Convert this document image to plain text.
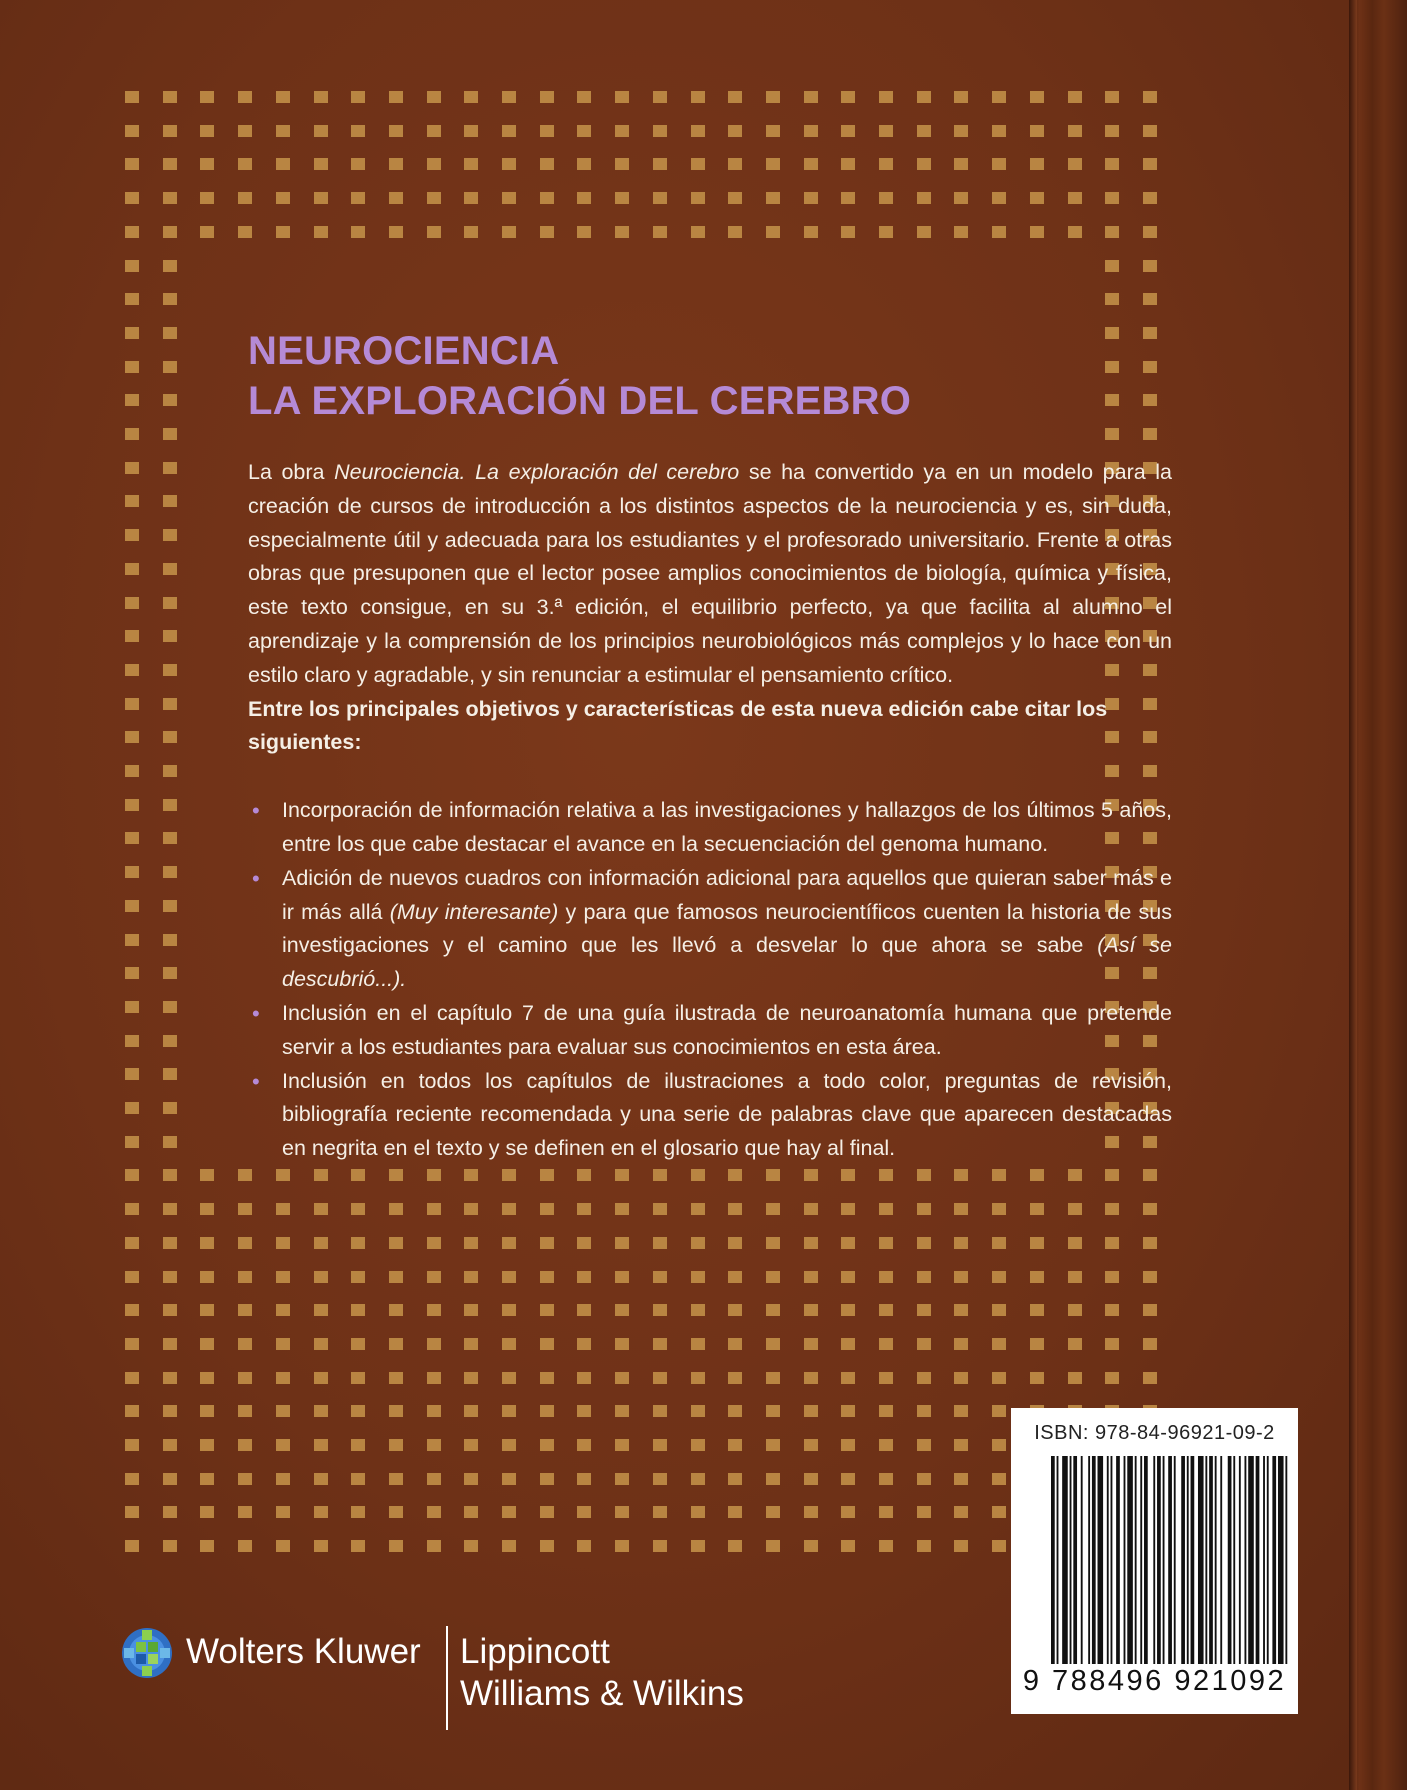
NEUROCIENCIA
LA EXPLORACIÓN DEL CEREBRO

La obra Neurociencia. La exploración del cerebro se ha convertido ya en un modelo para la creación de cursos de introducción a los distintos aspectos de la neurociencia y es, sin duda, especialmente útil y adecuada para los estudiantes y el profesorado universitario. Frente a otras obras que presuponen que el lector posee amplios conocimientos de biología, química y física, este texto consigue, en su 3.ª edición, el equilibrio perfecto, ya que facilita al alumno el aprendizaje y la comprensión de los principios neurobiológicos más complejos y lo hace con un estilo claro y agradable, y sin renunciar a estimular el pensamiento crítico.

Entre los principales objetivos y características de esta nueva edición cabe citar los siguientes:

• Incorporación de información relativa a las investigaciones y hallazgos de los últimos 5 años, entre los que cabe destacar el avance en la secuenciación del genoma humano.
• Adición de nuevos cuadros con información adicional para aquellos que quieran saber más e ir más allá (Muy interesante) y para que famosos neurocientíficos cuenten la historia de sus investigaciones y el camino que les llevó a desvelar lo que ahora se sabe (Así se descubrió...).
• Inclusión en el capítulo 7 de una guía ilustrada de neuroanatomía humana que pretende servir a los estudiantes para evaluar sus conocimientos en esta área.
• Inclusión en todos los capítulos de ilustraciones a todo color, preguntas de revisión, bibliografía reciente recomendada y una serie de palabras clave que aparecen destacadas en negrita en el texto y se definen en el glosario que hay al final.
ISBN: 978-84-96921-09-2
9 788496 921092
Wolters Kluwer Lippincott
Williams & Wilkins
